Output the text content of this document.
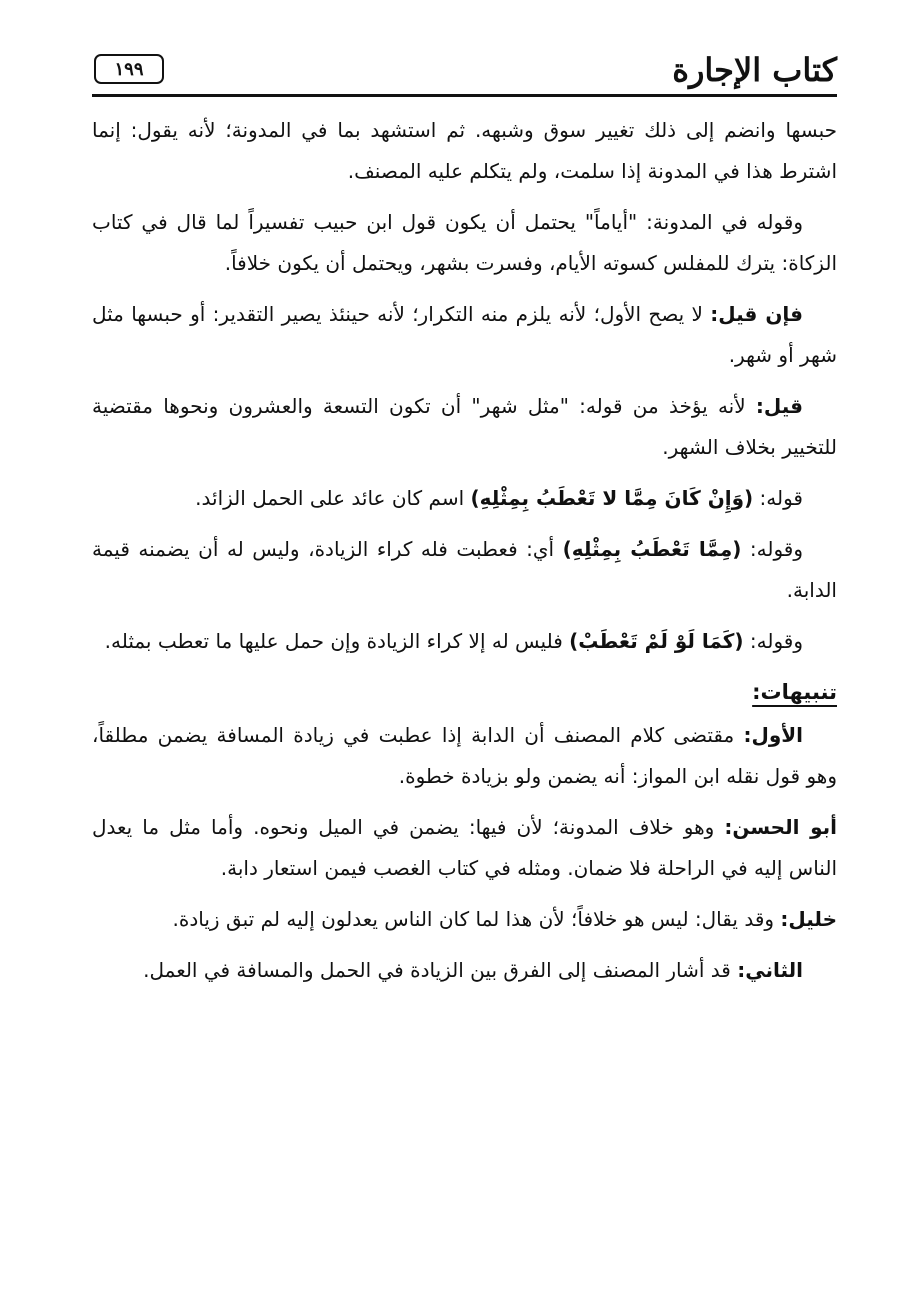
كتاب الإجارة
١٩٩

حبسها وانضم إلى ذلك تغيير سوق وشبهه. ثم استشهد بما في المدونة؛ لأنه يقول: إنما اشترط هذا في المدونة إذا سلمت، ولم يتكلم عليه المصنف.

وقوله في المدونة: "أياماً" يحتمل أن يكون قول ابن حبيب تفسيراً لما قال في كتاب الزكاة: يترك للمفلس كسوته الأيام، وفسرت بشهر، ويحتمل أن يكون خلافاً.

فإن قيل: لا يصح الأول؛ لأنه يلزم منه التكرار؛ لأنه حينئذ يصير التقدير: أو حبسها مثل شهر أو شهر.

قيل: لأنه يؤخذ من قوله: "مثل شهر" أن تكون التسعة والعشرون ونحوها مقتضية للتخيير بخلاف الشهر.

قوله: (وَإِنْ كَانَ مِمَّا لا تَعْطَبُ بِمِثْلِهِ) اسم كان عائد على الحمل الزائد.

وقوله: (مِمَّا تَعْطَبُ بِمِثْلِهِ) أي: فعطبت فله كراء الزيادة، وليس له أن يضمنه قيمة الدابة.

وقوله: (كَمَا لَوْ لَمْ تَعْطَبْ) فليس له إلا كراء الزيادة وإن حمل عليها ما تعطب بمثله.

تنبيهات:

الأول: مقتضى كلام المصنف أن الدابة إذا عطبت في زيادة المسافة يضمن مطلقاً، وهو قول نقله ابن المواز: أنه يضمن ولو بزيادة خطوة.

أبو الحسن: وهو خلاف المدونة؛ لأن فيها: يضمن في الميل ونحوه. وأما مثل ما يعدل الناس إليه في الراحلة فلا ضمان. ومثله في كتاب الغصب فيمن استعار دابة.

خليل: وقد يقال: ليس هو خلافاً؛ لأن هذا لما كان الناس يعدلون إليه لم تبق زيادة.

الثاني: قد أشار المصنف إلى الفرق بين الزيادة في الحمل والمسافة في العمل.
